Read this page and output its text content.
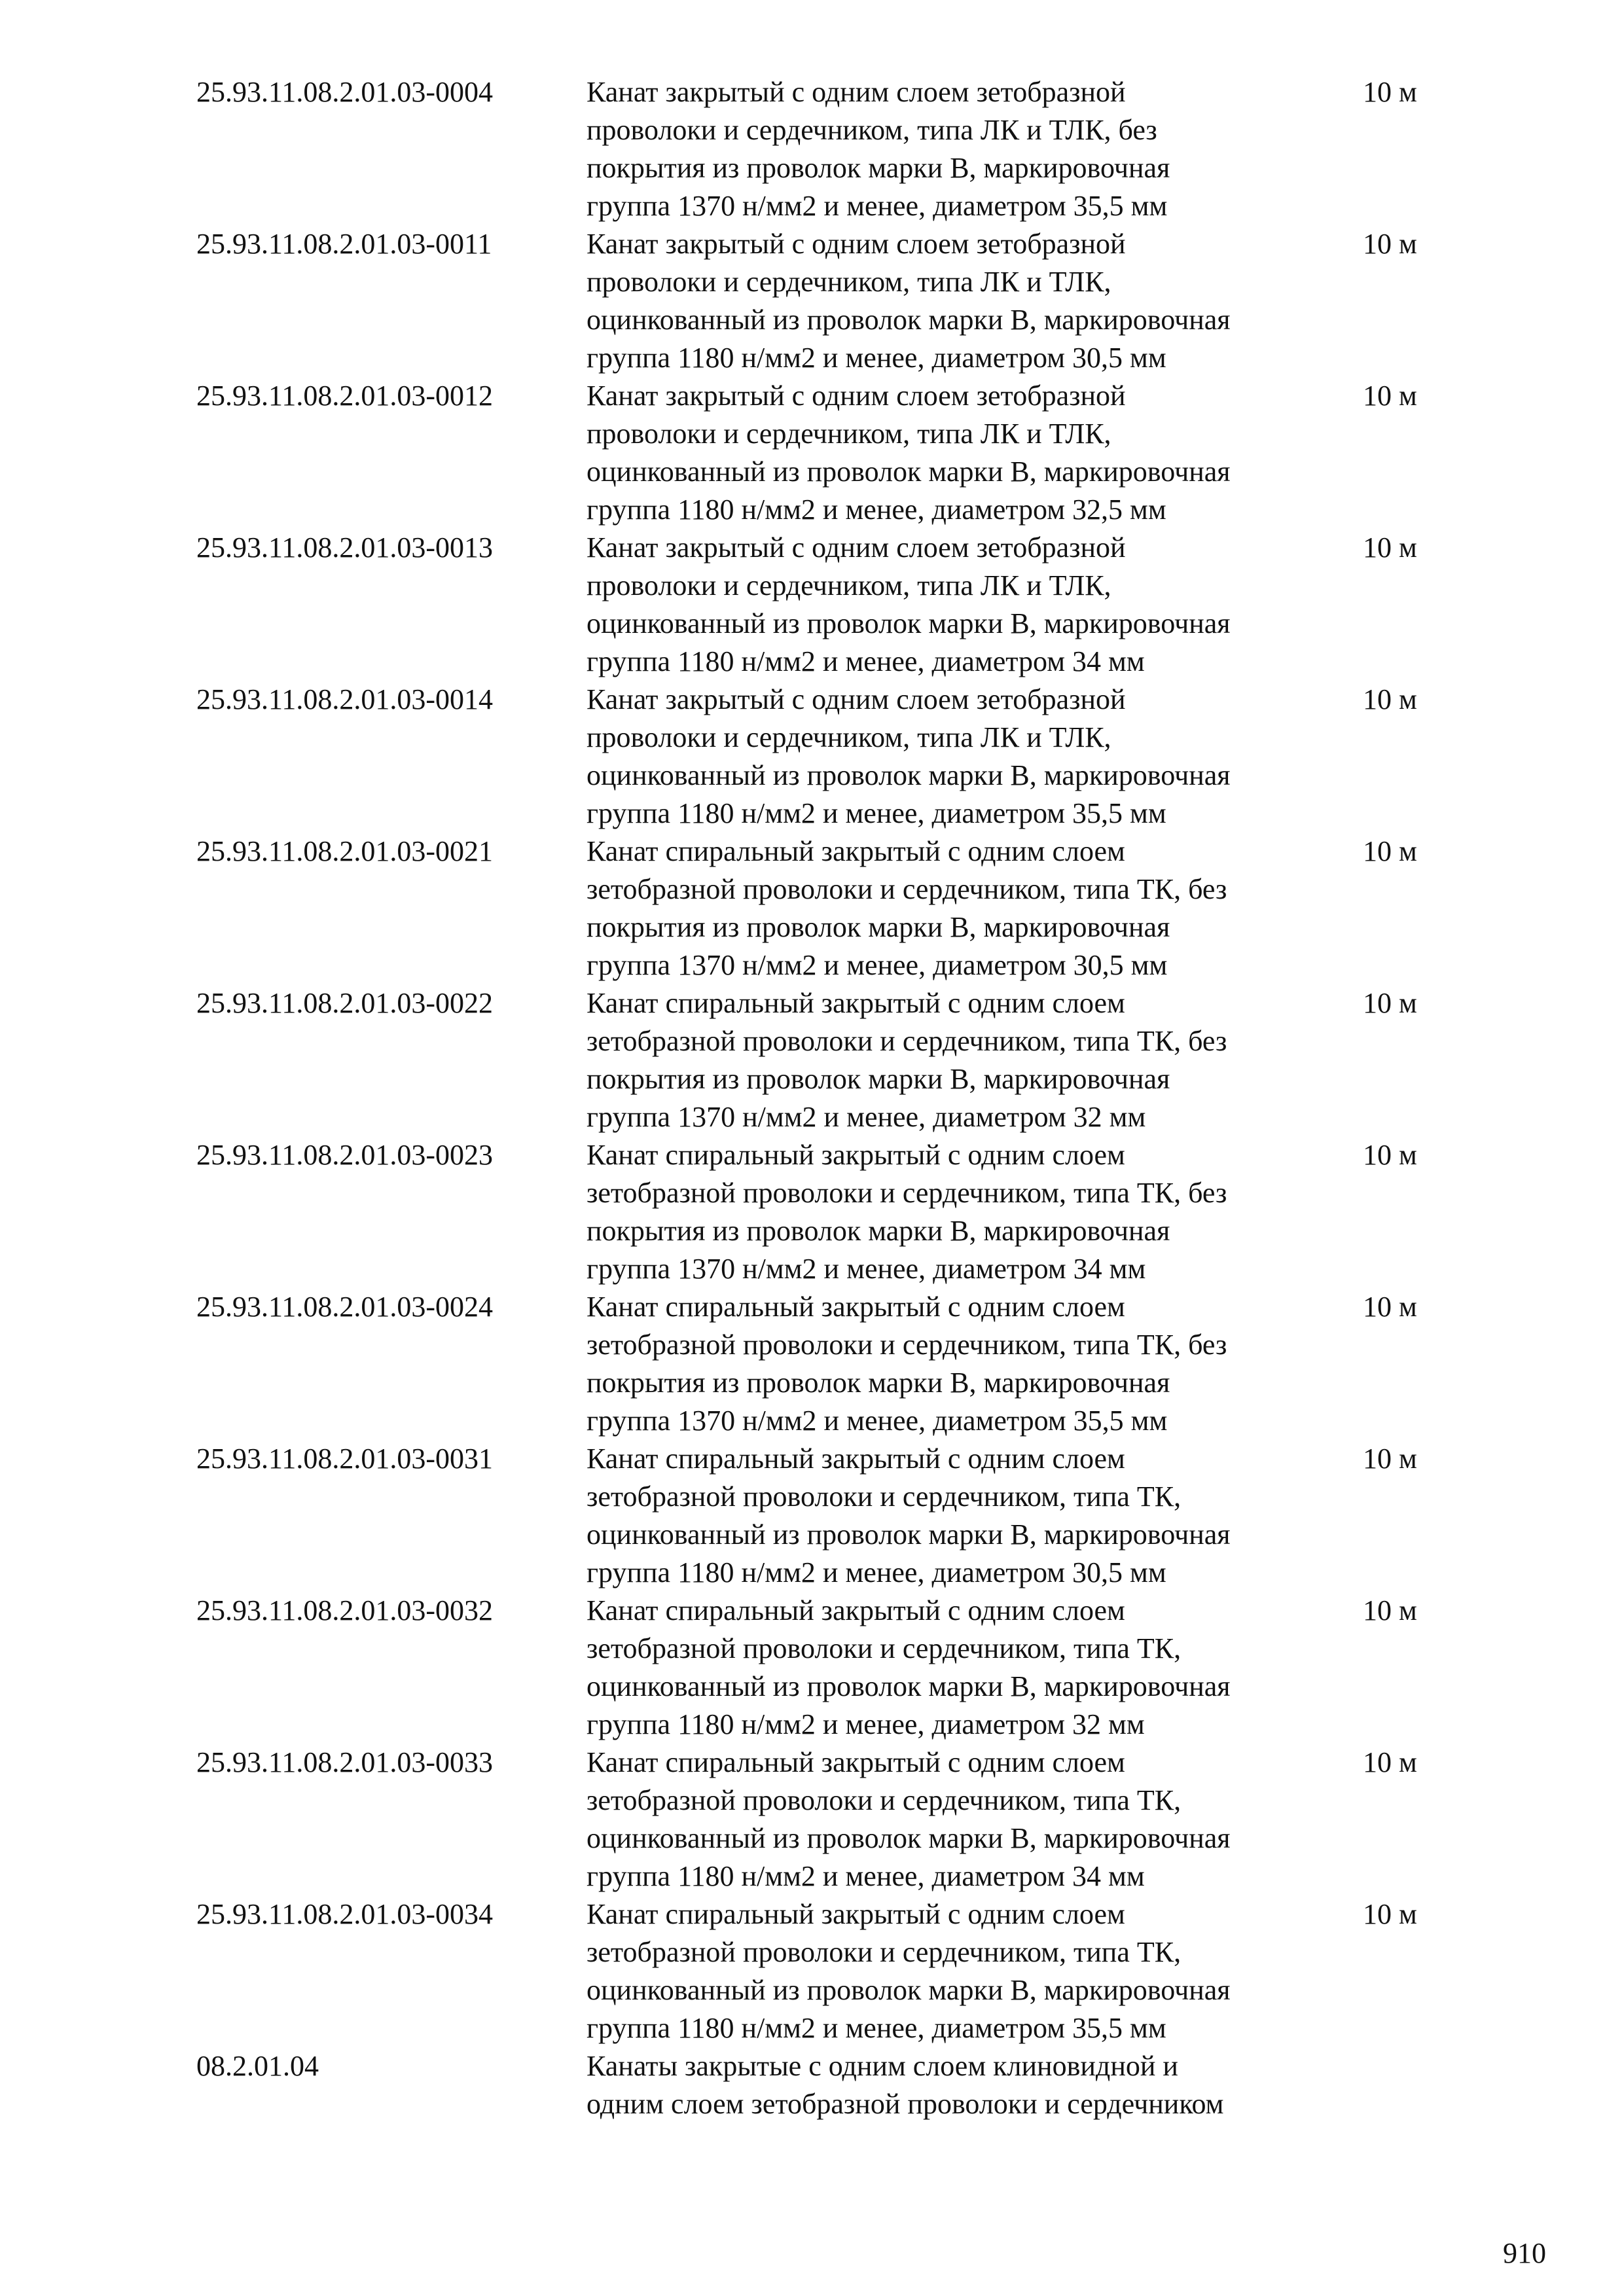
25.93.11.08.2.01.03-0004	Канат закрытый с одним слоем зетобразной
проволоки и сердечником, типа ЛК и ТЛК, без
покрытия из проволок марки В, маркировочная
группа 1370 н/мм2 и менее, диаметром 35,5 мм
10 м
25.93.11.08.2.01.03-0011	Канат закрытый с одним слоем зетобразной
проволоки и сердечником, типа ЛК и ТЛК,
оцинкованный из проволок марки В, маркировочная
группа 1180 н/мм2 и менее, диаметром 30,5 мм
10 м
25.93.11.08.2.01.03-0012	Канат закрытый с одним слоем зетобразной
проволоки и сердечником, типа ЛК и ТЛК,
оцинкованный из проволок марки В, маркировочная
группа 1180 н/мм2 и менее, диаметром 32,5 мм
10 м
25.93.11.08.2.01.03-0013	Канат закрытый с одним слоем зетобразной
проволоки и сердечником, типа ЛК и ТЛК,
оцинкованный из проволок марки В, маркировочная
группа 1180 н/мм2 и менее, диаметром 34 мм
10 м
25.93.11.08.2.01.03-0014	Канат закрытый с одним слоем зетобразной
проволоки и сердечником, типа ЛК и ТЛК,
оцинкованный из проволок марки В, маркировочная
группа 1180 н/мм2 и менее, диаметром 35,5 мм
10 м
25.93.11.08.2.01.03-0021	Канат спиральный закрытый с одним слоем
зетобразной проволоки и сердечником, типа ТК, без
покрытия из проволок марки В, маркировочная
группа 1370 н/мм2 и менее, диаметром 30,5 мм
10 м
25.93.11.08.2.01.03-0022	Канат спиральный закрытый с одним слоем
зетобразной проволоки и сердечником, типа ТК, без
покрытия из проволок марки В, маркировочная
группа 1370 н/мм2 и менее, диаметром 32 мм
10 м
25.93.11.08.2.01.03-0023	Канат спиральный закрытый с одним слоем
зетобразной проволоки и сердечником, типа ТК, без
покрытия из проволок марки В, маркировочная
группа 1370 н/мм2 и менее, диаметром 34 мм
10 м
25.93.11.08.2.01.03-0024	Канат спиральный закрытый с одним слоем
зетобразной проволоки и сердечником, типа ТК, без
покрытия из проволок марки В, маркировочная
группа 1370 н/мм2 и менее, диаметром 35,5 мм
10 м
25.93.11.08.2.01.03-0031	Канат спиральный закрытый с одним слоем
зетобразной проволоки и сердечником, типа ТК,
оцинкованный из проволок марки В, маркировочная
группа 1180 н/мм2 и менее, диаметром 30,5 мм
10 м
25.93.11.08.2.01.03-0032	Канат спиральный закрытый с одним слоем
зетобразной проволоки и сердечником, типа ТК,
оцинкованный из проволок марки В, маркировочная
группа 1180 н/мм2 и менее, диаметром 32 мм
10 м
25.93.11.08.2.01.03-0033	Канат спиральный закрытый с одним слоем
зетобразной проволоки и сердечником, типа ТК,
оцинкованный из проволок марки В, маркировочная
группа 1180 н/мм2 и менее, диаметром 34 мм
10 м
25.93.11.08.2.01.03-0034	Канат спиральный закрытый с одним слоем
зетобразной проволоки и сердечником, типа ТК,
оцинкованный из проволок марки В, маркировочная
группа 1180 н/мм2 и менее, диаметром 35,5 мм
10 м
08.2.01.04	Канаты закрытые с одним слоем клиновидной и
одним слоем зетобразной проволоки и сердечником
910
